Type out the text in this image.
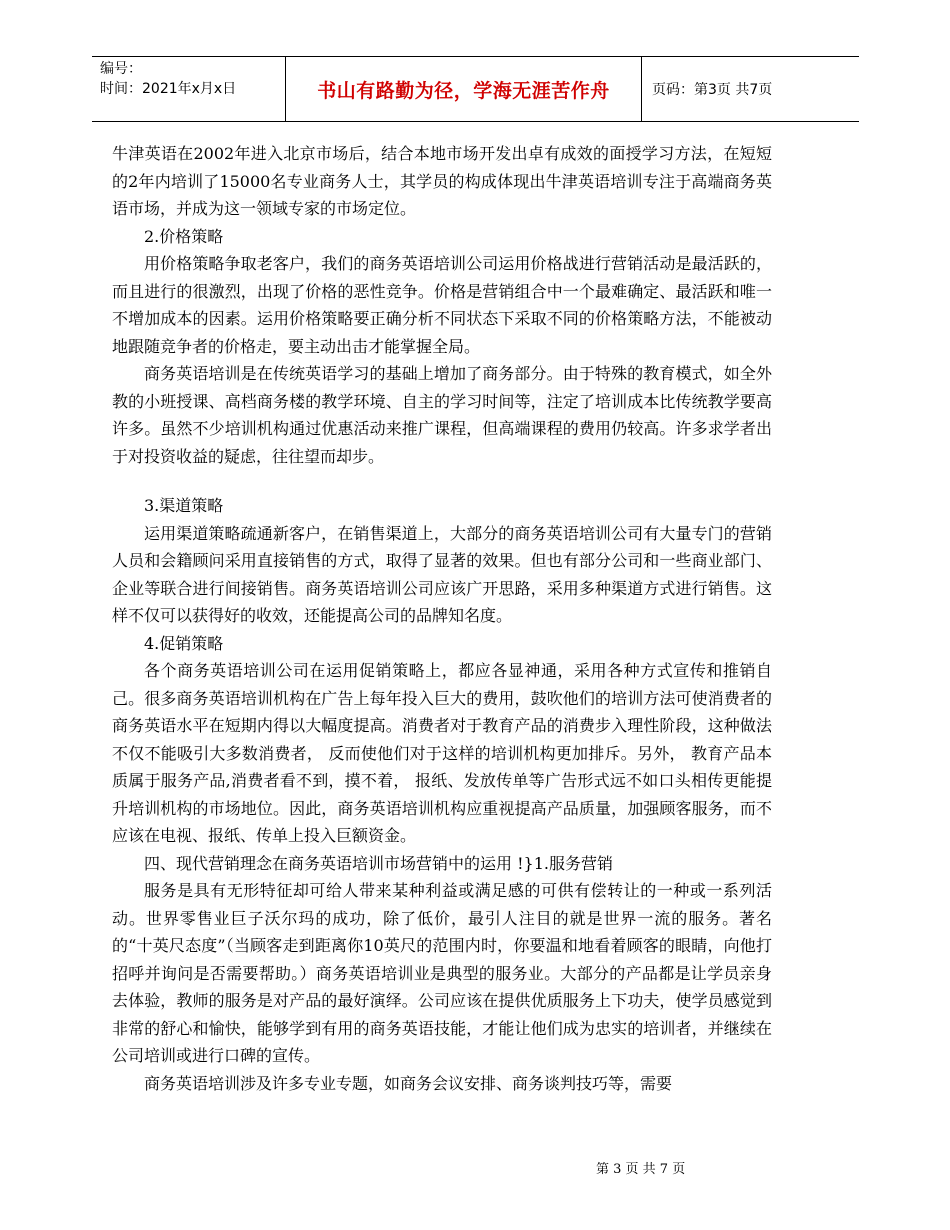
编号：
时间：2021年x月x日	书山有路勤为径，学海无涯苦作舟	页码：第3页 共7页

牛津英语在2002年进入北京市场后，结合本地市场开发出卓有成效的面授学习方法，在短短的2年内培训了15000名专业商务人士，其学员的构成体现出牛津英语培训专注于高端商务英语市场，并成为这一领域专家的市场定位。

2.价格策略

用价格策略争取老客户，我们的商务英语培训公司运用价格战进行营销活动是最活跃的，而且进行的很激烈，出现了价格的恶性竞争。价格是营销组合中一个最难确定、最活跃和唯一不增加成本的因素。运用价格策略要正确分析不同状态下采取不同的价格策略方法，不能被动地跟随竞争者的价格走，要主动出击才能掌握全局。

商务英语培训是在传统英语学习的基础上增加了商务部分。由于特殊的教育模式，如全外教的小班授课、高档商务楼的教学环境、自主的学习时间等，注定了培训成本比传统教学要高许多。虽然不少培训机构通过优惠活动来推广课程，但高端课程的费用仍较高。许多求学者出于对投资收益的疑虑，往往望而却步。

3.渠道策略

运用渠道策略疏通新客户，在销售渠道上，大部分的商务英语培训公司有大量专门的营销人员和会籍顾问采用直接销售的方式，取得了显著的效果。但也有部分公司和一些商业部门、企业等联合进行间接销售。商务英语培训公司应该广开思路，采用多种渠道方式进行销售。这样不仅可以获得好的收效，还能提高公司的品牌知名度。

4.促销策略

各个商务英语培训公司在运用促销策略上，都应各显神通，采用各种方式宣传和推销自己。很多商务英语培训机构在广告上每年投入巨大的费用，鼓吹他们的培训方法可使消费者的商务英语水平在短期内得以大幅度提高。消费者对于教育产品的消费步入理性阶段，这种做法不仅不能吸引大多数消费者， 反而使他们对于这样的培训机构更加排斥。另外， 教育产品本质属于服务产品,消费者看不到，摸不着， 报纸、发放传单等广告形式远不如口头相传更能提升培训机构的市场地位。因此，商务英语培训机构应重视提高产品质量，加强顾客服务，而不应该在电视、报纸、传单上投入巨额资金。

四、现代营销理念在商务英语培训市场营销中的运用 !}1.服务营销

服务是具有无形特征却可给人带来某种利益或满足感的可供有偿转让的一种或一系列活动。世界零售业巨子沃尔玛的成功，除了低价，最引人注目的就是世界一流的服务。著名的“十英尺态度”（当顾客走到距离你10英尺的范围内时，你要温和地看着顾客的眼睛，向他打招呼并询问是否需要帮助。）商务英语培训业是典型的服务业。大部分的产品都是让学员亲身去体验，教师的服务是对产品的最好演绎。公司应该在提供优质服务上下功夫，使学员感觉到非常的舒心和愉快，能够学到有用的商务英语技能，才能让他们成为忠实的培训者，并继续在公司培训或进行口碑的宣传。

商务英语培训涉及许多专业专题，如商务会议安排、商务谈判技巧等，需要

第 3 页 共 7 页
